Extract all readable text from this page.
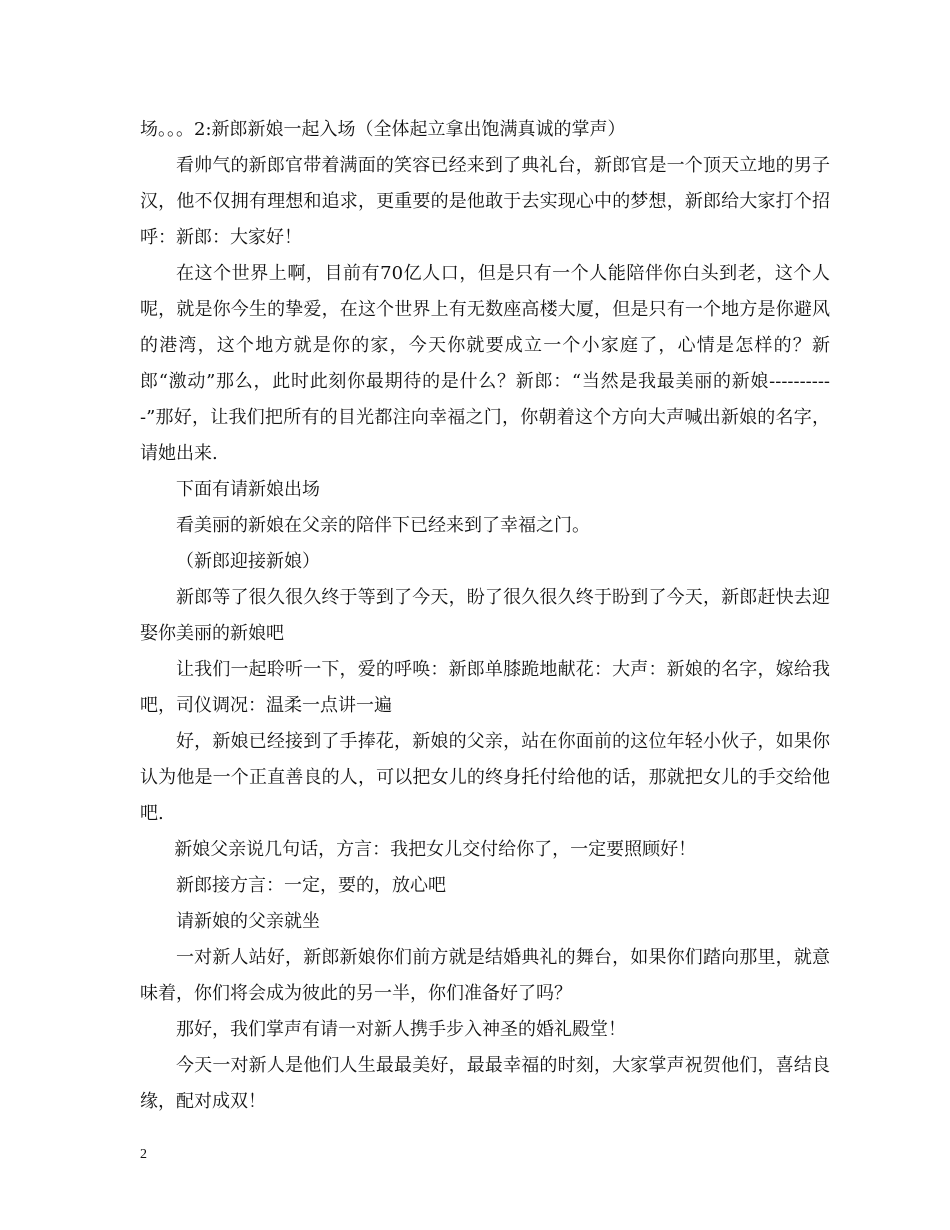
场。。。2:新郎新娘一起入场（全体起立拿出饱满真诚的掌声）

看帅气的新郎官带着满面的笑容已经来到了典礼台，新郎官是一个顶天立地的男子汉，他不仅拥有理想和追求，更重要的是他敢于去实现心中的梦想，新郎给大家打个招呼：新郎：大家好！

在这个世界上啊，目前有70亿人口，但是只有一个人能陪伴你白头到老，这个人呢，就是你今生的挚爱，在这个世界上有无数座高楼大厦，但是只有一个地方是你避风的港湾，这个地方就是你的家，今天你就要成立一个小家庭了，心情是怎样的？新郎“激动”那么，此时此刻你最期待的是什么？新郎：“当然是我最美丽的新娘-----------”那好，让我们把所有的目光都注向幸福之门，你朝着这个方向大声喊出新娘的名字，请她出来.

下面有请新娘出场

看美丽的新娘在父亲的陪伴下已经来到了幸福之门。

（新郎迎接新娘）

新郎等了很久很久终于等到了今天，盼了很久很久终于盼到了今天，新郎赶快去迎娶你美丽的新娘吧

让我们一起聆听一下，爱的呼唤：新郎单膝跪地献花：大声：新娘的名字，嫁给我吧，司仪调况：温柔一点讲一遍

好，新娘已经接到了手捧花，新娘的父亲，站在你面前的这位年轻小伙子，如果你认为他是一个正直善良的人，可以把女儿的终身托付给他的话，那就把女儿的手交给他吧.

新娘父亲说几句话，方言：我把女儿交付给你了，一定要照顾好！

新郎接方言：一定，要的，放心吧

请新娘的父亲就坐

一对新人站好，新郎新娘你们前方就是结婚典礼的舞台，如果你们踏向那里，就意味着，你们将会成为彼此的另一半，你们准备好了吗？

那好，我们掌声有请一对新人携手步入神圣的婚礼殿堂！

今天一对新人是他们人生最最美好，最最幸福的时刻，大家掌声祝贺他们，喜结良缘，配对成双！

2
